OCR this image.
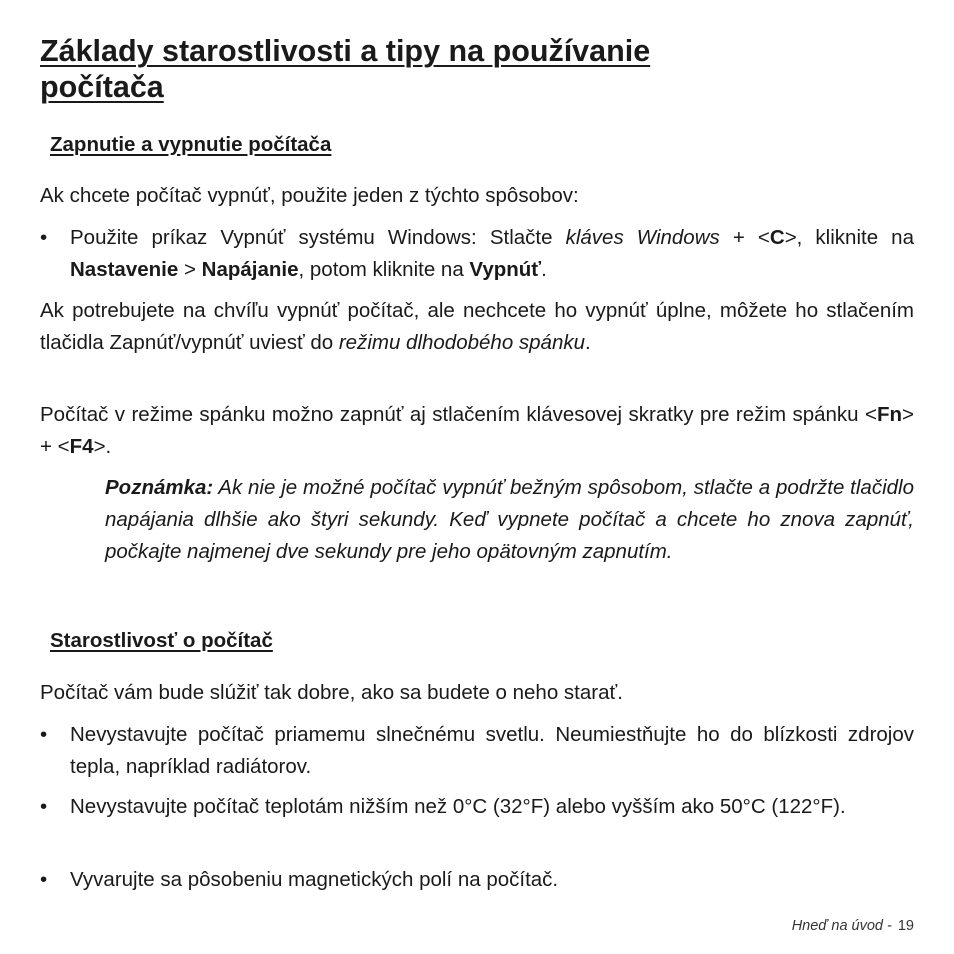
Základy starostlivosti a tipy na používanie
počítača
Zapnutie a vypnutie počítača

Ak chcete počítač vypnúť, použite jeden z týchto spôsobov:

• Použite príkaz Vypnúť systému Windows: Stlačte kláves Windows + <C>, kliknite na Nastavenie > Napájanie, potom kliknite na Vypnúť.

Ak potrebujete na chvíľu vypnúť počítač, ale nechcete ho vypnúť úplne, môžete ho stlačením tlačidla Zapnúť/vypnúť uviesť do režimu dlhodobého spánku.

Počítač v režime spánku možno zapnúť aj stlačením klávesovej skratky pre režim spánku <Fn> + <F4>.

Poznámka: Ak nie je možné počítač vypnúť bežným spôsobom, stlačte a podržte tlačidlo napájania dlhšie ako štyri sekundy. Keď vypnete počítač a chcete ho znova zapnúť, počkajte najmenej dve sekundy pre jeho opätovným zapnutím.

Starostlivosť o počítač

Počítač vám bude slúžiť tak dobre, ako sa budete o neho starať.

• Nevystavujte počítač priamemu slnečnému svetlu. Neumiestňujte ho do blízkosti zdrojov tepla, napríklad radiátorov.
• Nevystavujte počítač teplotám nižším než 0°C (32°F) alebo vyšším ako 50°C (122°F).
• Vyvarujte sa pôsobeniu magnetických polí na počítač.
Hneď na úvod - 19
